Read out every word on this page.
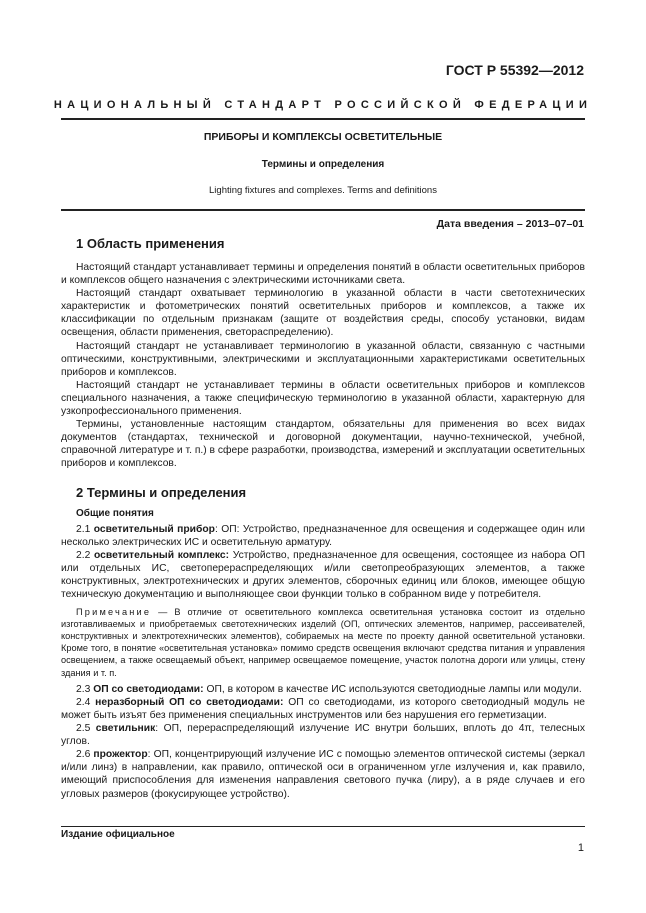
ГОСТ Р 55392—2012
НАЦИОНАЛЬНЫЙ СТАНДАРТ РОССИЙСКОЙ ФЕДЕРАЦИИ
ПРИБОРЫ И КОМПЛЕКСЫ ОСВЕТИТЕЛЬНЫЕ
Термины и определения
Lighting fixtures and complexes. Terms and definitions
Дата введения – 2013–07–01
1 Область применения

Настоящий стандарт устанавливает термины и определения понятий в области осветительных приборов и комплексов общего назначения с электрическими источниками света.

Настоящий стандарт охватывает терминологию в указанной области в части светотехнических характеристик и фотометрических понятий осветительных приборов и комплексов, а также их классификации по отдельным признакам (защите от воздействия среды, способу установки, видам освещения, области применения, светораспределению).

Настоящий стандарт не устанавливает терминологию в указанной области, связанную с частными оптическими, конструктивными, электрическими и эксплуатационными характеристиками осветительных приборов и комплексов.

Настоящий стандарт не устанавливает термины в области осветительных приборов и комплексов специального назначения, а также специфическую терминологию в указанной области, характерную для узкопрофессионального применения.

Термины, установленные настоящим стандартом, обязательны для применения во всех видах документов (стандартах, технической и договорной документации, научно-технической, учебной, справочной литературе и т. п.) в сфере разработки, производства, измерений и эксплуатации осветительных приборов и комплексов.

2 Термины и определения
Общие понятия

2.1 осветительный прибор: ОП: Устройство, предназначенное для освещения и содержащее один или несколько электрических ИС и осветительную арматуру.

2.2 осветительный комплекс: Устройство, предназначенное для освещения, состоящее из набора ОП или отдельных ИС, светоперераспределяющих и/или светопреобразующих элементов, а также конструктивных, электротехнических и других элементов, сборочных единиц или блоков, имеющее общую техническую документацию и выполняющее свои функции только в собранном виде у потребителя.

Примечание — В отличие от осветительного комплекса осветительная установка состоит из отдельно изготавливаемых и приобретаемых светотехнических изделий (ОП, оптических элементов, например, рассеивателей, конструктивных и электротехнических элементов), собираемых на месте по проекту данной осветительной установки. Кроме того, в понятие «осветительная установка» помимо средств освещения включают средства питания и управления освещением, а также освещаемый объект, например освещаемое помещение, участок полотна дороги или улицы, стену здания и т. п.

2.3 ОП со светодиодами: ОП, в котором в качестве ИС используются светодиодные лампы или модули.

2.4 неразборный ОП со светодиодами: ОП со светодиодами, из которого светодиодный модуль не может быть изъят без применения специальных инструментов или без нарушения его герметизации.

2.5 светильник: ОП, перераспределяющий излучение ИС внутри больших, вплоть до 4π, телесных углов.

2.6 прожектор: ОП, концентрирующий излучение ИС с помощью элементов оптической системы (зеркал и/или линз) в направлении, как правило, оптической оси в ограниченном угле излучения и, как правило, имеющий приспособления для изменения направления светового пучка (лиру), а в ряде случаев и его угловых размеров (фокусирующее устройство).

Издание официальное
1
